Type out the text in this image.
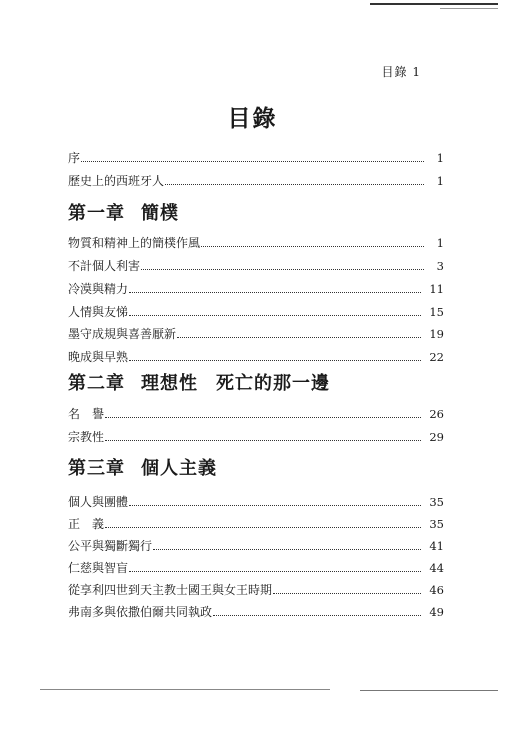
目錄 1
目錄
序	1
歷史上的西班牙人	1
第一章 簡樸
物質和精神上的簡樸作風	1
不計個人利害	3
冷漠與精力	11
人情與友悌	15
墨守成規與喜善厭新	19
晚成與早熟	22
第二章 理想性 死亡的那一邊
名　譽	26
宗教性	29
第三章 個人主義
個人與團體	35
正　義	35
公平與獨斷獨行	41
仁慈與智盲	44
從享利四世到天主教士國王與女王時期	46
弗南多與依撒伯爾共同執政	49
